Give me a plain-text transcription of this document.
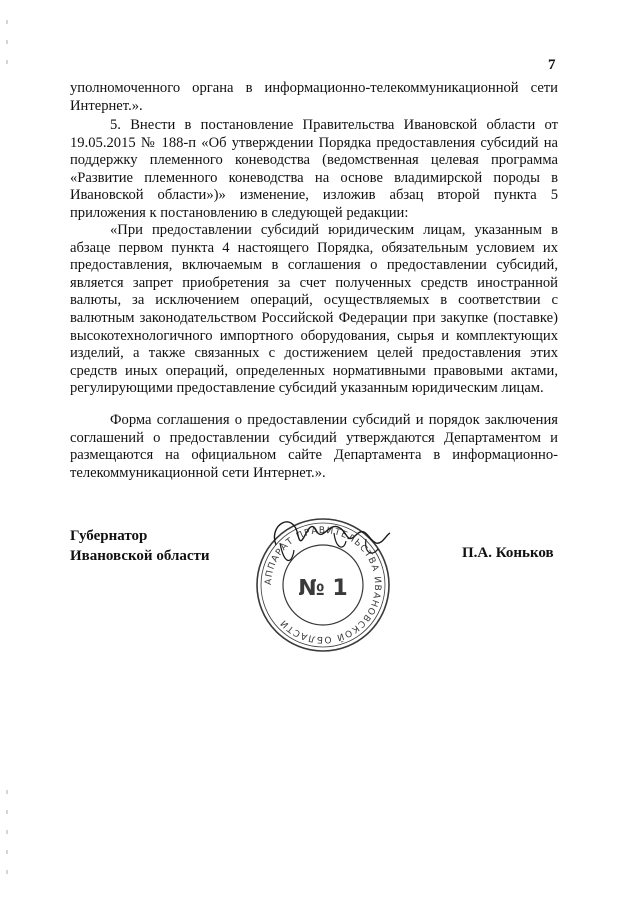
7

уполномоченного органа в информационно-телекоммуникационной сети Интернет.».

5. Внести в постановление Правительства Ивановской области от 19.05.2015 № 188-п «Об утверждении Порядка предоставления субсидий на поддержку племенного коневодства (ведомственная целевая программа «Развитие племенного коневодства на основе владимирской породы в Ивановской области»)» изменение, изложив абзац второй пункта 5 приложения к постановлению в следующей редакции:

«При предоставлении субсидий юридическим лицам, указанным в абзаце первом пункта 4 настоящего Порядка, обязательным условием их предоставления, включаемым в соглашения о предоставлении субсидий, является запрет приобретения за счет полученных средств иностранной валюты, за исключением операций, осуществляемых в соответствии с валютным законодательством Российской Федерации при закупке (поставке) высокотехнологичного импортного оборудования, сырья и комплектующих изделий, а также связанных с достижением целей предоставления этих средств иных операций, определенных нормативными правовыми актами, регулирующими предоставление субсидий указанным юридическим лицам.

Форма соглашения о предоставлении субсидий и порядок заключения соглашений о предоставлении субсидий утверждаются Департаментом и размещаются на официальном сайте Департамента в информационно-телекоммуникационной сети Интернет.».

Губернатор
Ивановской области
АППАРАТ ПРАВИТЕЛЬСТВА ИВАНОВСКОЙ ОБЛАСТИ
№ 1
П.А. Коньков
